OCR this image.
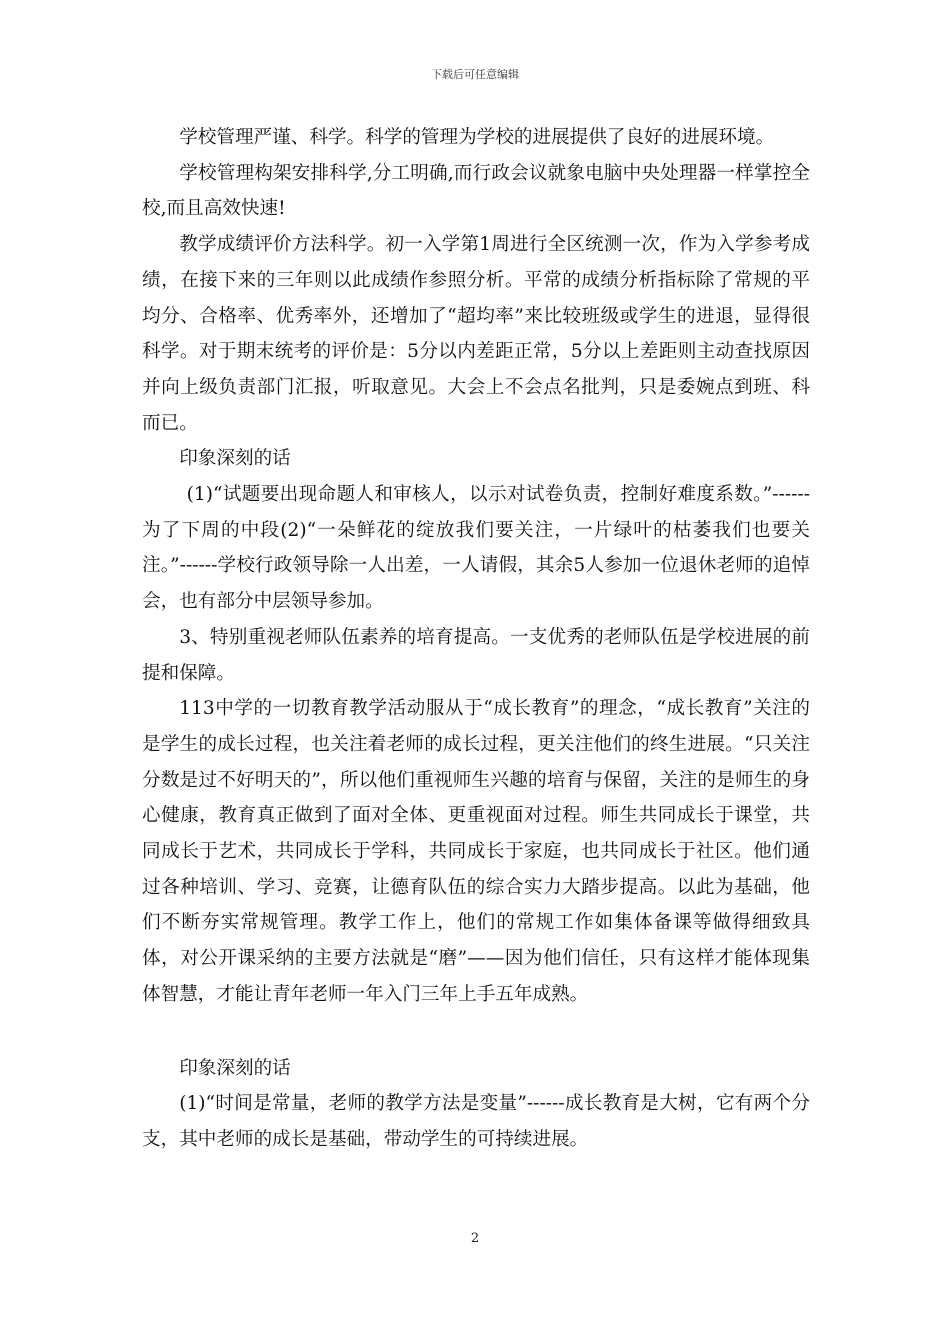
下载后可任意编辑

学校管理严谨、科学。科学的管理为学校的进展提供了良好的进展环境。

学校管理构架安排科学,分工明确,而行政会议就象电脑中央处理器一样掌控全校,而且高效快速!

教学成绩评价方法科学。初一入学第1周进行全区统测一次，作为入学参考成绩，在接下来的三年则以此成绩作参照分析。平常的成绩分析指标除了常规的平均分、合格率、优秀率外，还增加了“超均率”来比较班级或学生的进退，显得很科学。对于期末统考的评价是：5分以内差距正常，5分以上差距则主动查找原因并向上级负责部门汇报，听取意见。大会上不会点名批判，只是委婉点到班、科而已。

印象深刻的话

(1)“试题要出现命题人和审核人，以示对试卷负责，控制好难度系数。”------为了下周的中段(2)“一朵鲜花的绽放我们要关注，一片绿叶的枯萎我们也要关注。”------学校行政领导除一人出差，一人请假，其余5人参加一位退休老师的追悼会，也有部分中层领导参加。

3、特别重视老师队伍素养的培育提高。一支优秀的老师队伍是学校进展的前提和保障。

113中学的一切教育教学活动服从于“成长教育”的理念，“成长教育”关注的是学生的成长过程，也关注着老师的成长过程，更关注他们的终生进展。“只关注分数是过不好明天的”，所以他们重视师生兴趣的培育与保留，关注的是师生的身心健康，教育真正做到了面对全体、更重视面对过程。师生共同成长于课堂，共同成长于艺术，共同成长于学科，共同成长于家庭，也共同成长于社区。他们通过各种培训、学习、竞赛，让德育队伍的综合实力大踏步提高。以此为基础，他们不断夯实常规管理。教学工作上，他们的常规工作如集体备课等做得细致具体，对公开课采纳的主要方法就是“磨”——因为他们信任，只有这样才能体现集体智慧，才能让青年老师一年入门三年上手五年成熟。

印象深刻的话

(1)“时间是常量，老师的教学方法是变量”------成长教育是大树，它有两个分支，其中老师的成长是基础，带动学生的可持续进展。

2
